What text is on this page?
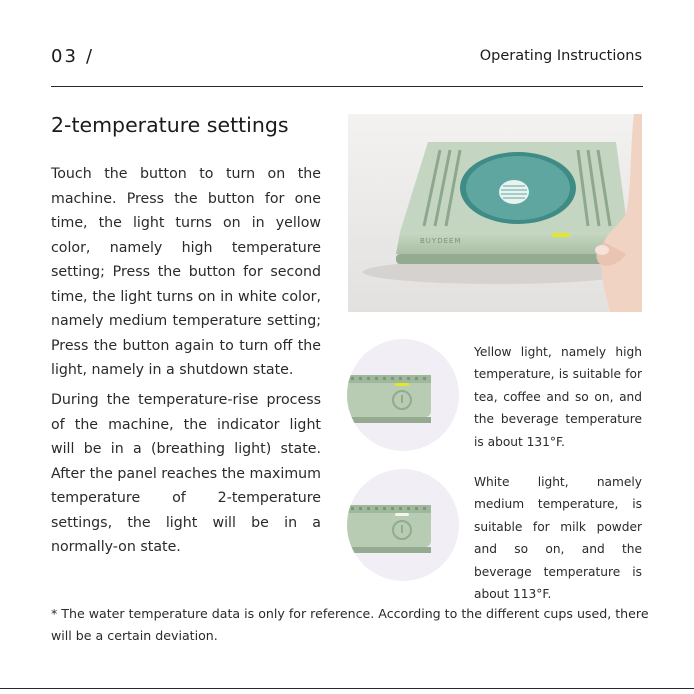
03 /	Operating Instructions
2-temperature settings
Touch the button to turn on the machine. Press the button for one time, the light turns on in yellow color, namely high temperature setting; Press the button for second time, the light turns on in white color, namely medium temperature setting; Press the button again to turn off the light, namely in a shutdown state.
During the temperature-rise process of the machine, the indicator light will be in a (breathing light) state. After the panel reaches the maximum temperature of 2-temperature settings, the light will be in a normally-on state.
BUYDEEM
Yellow light, namely high temperature, is suitable for tea, coffee and so on, and the beverage temperature is about 131°F.
White light, namely medium temperature, is suitable for milk powder and so on, and the beverage temperature is about 113°F.
* The water temperature data is only for reference. According to the different cups used, there will be a certain deviation.
